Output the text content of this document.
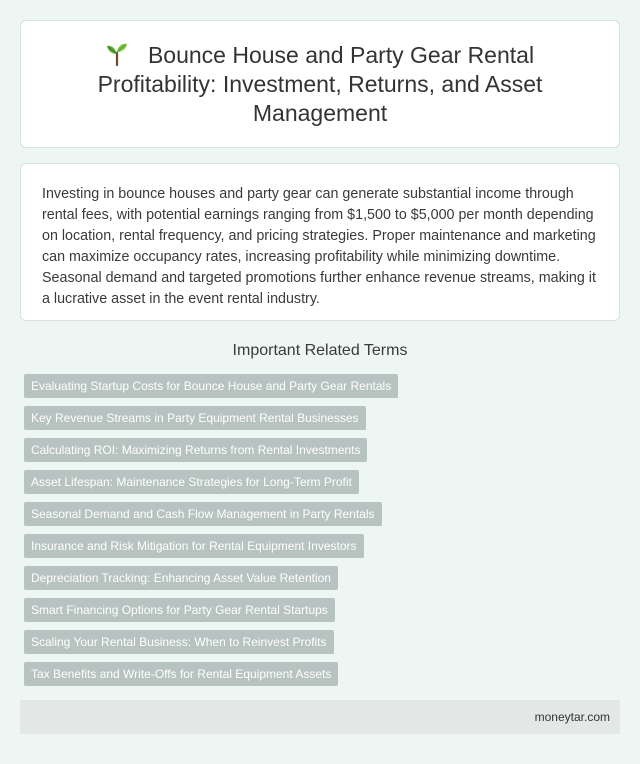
Bounce House and Party Gear Rental Profitability: Investment, Returns, and Asset Management

Investing in bounce houses and party gear can generate substantial income through rental fees, with potential earnings ranging from $1,500 to $5,000 per month depending on location, rental frequency, and pricing strategies. Proper maintenance and marketing can maximize occupancy rates, increasing profitability while minimizing downtime. Seasonal demand and targeted promotions further enhance revenue streams, making it a lucrative asset in the event rental industry.

Important Related Terms
Evaluating Startup Costs for Bounce House and Party Gear Rentals
Key Revenue Streams in Party Equipment Rental Businesses
Calculating ROI: Maximizing Returns from Rental Investments
Asset Lifespan: Maintenance Strategies for Long-Term Profit
Seasonal Demand and Cash Flow Management in Party Rentals
Insurance and Risk Mitigation for Rental Equipment Investors
Depreciation Tracking: Enhancing Asset Value Retention
Smart Financing Options for Party Gear Rental Startups
Scaling Your Rental Business: When to Reinvest Profits
Tax Benefits and Write-Offs for Rental Equipment Assets
moneytar.com
